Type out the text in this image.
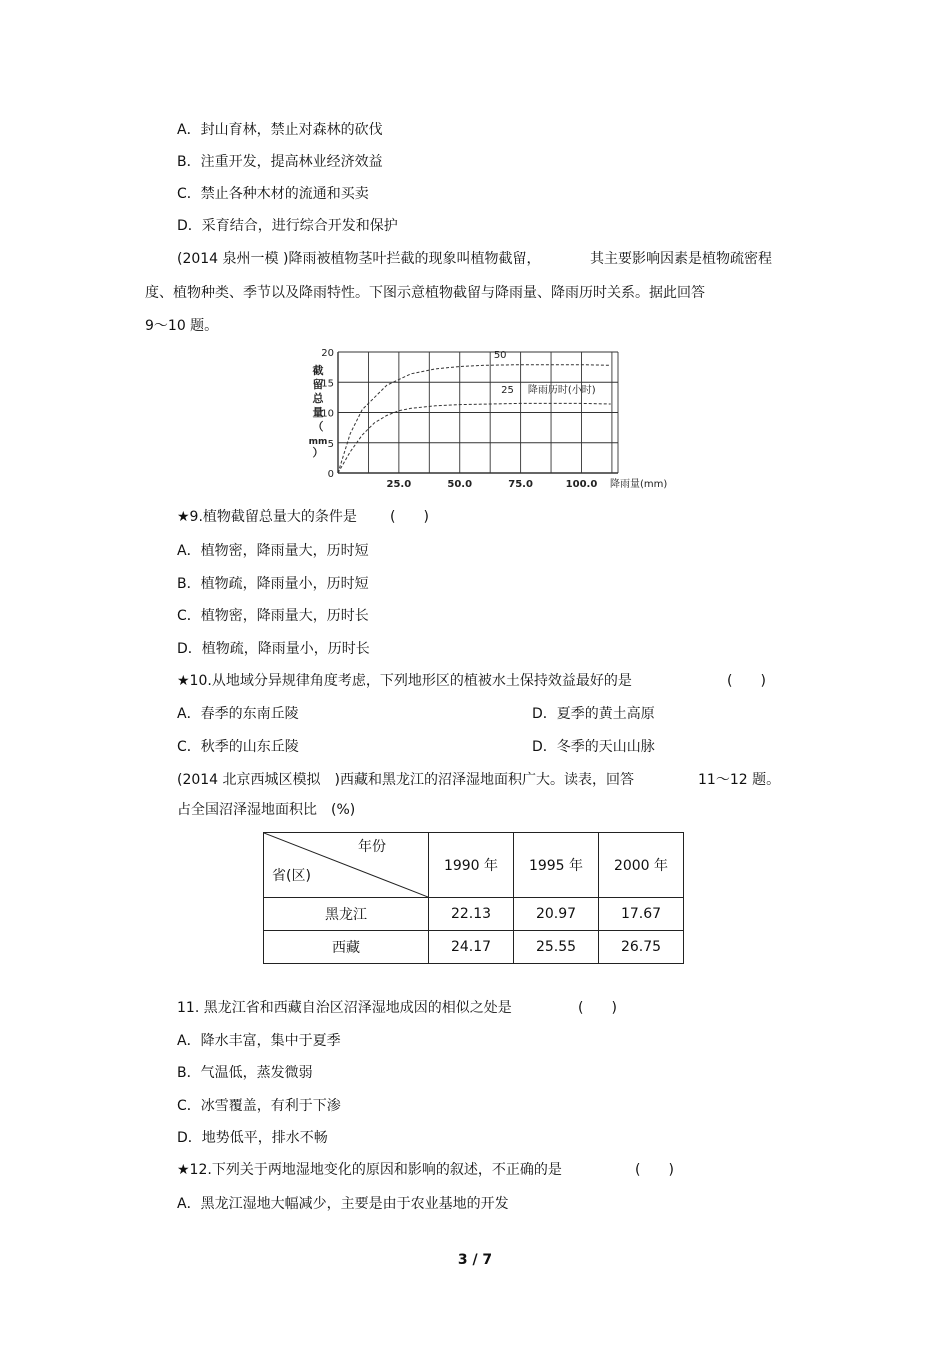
A．封山育林，禁止对森林的砍伐
B．注重开发，提高林业经济效益
C．禁止各种木材的流通和买卖
D．采育结合，进行综合开发和保护
(2014 泉州一模 )降雨被植物茎叶拦截的现象叫植物截留，	其主要影响因素是植物疏密程
度、植物种类、季节以及降雨特性。下图示意植物截留与降雨量、降雨历时关系。据此回答
9～10 题。
0
5
10
15
20
25.0	50.0	75.0	100.0
截
留
总
量
（
mm
）
降雨量(mm)
50
25 降雨历时(小时)
★9.植物截留总量大的条件是 (　　)
A．植物密，降雨量大，历时短
B．植物疏，降雨量小，历时短
C．植物密，降雨量大，历时长
D．植物疏，降雨量小，历时长
★10.从地域分异规律角度考虑，下列地形区的植被水土保持效益最好的是	(　　)
A．春季的东南丘陵	D．夏季的黄土高原
C．秋季的山东丘陵	D．冬季的天山山脉
(2014 北京西城区模拟　)西藏和黑龙江的沼泽湿地面积广大。读表，回答	11～12 题。
占全国沼泽湿地面积比　(%)
年份
省(区)	1990 年	1995 年	2000 年
黑龙江	22.13	20.97	17.67
西藏	24.17	25.55	26.75
11. 黑龙江省和西藏自治区沼泽湿地成因的相似之处是	(　　)
A．降水丰富，集中于夏季
B．气温低，蒸发微弱
C．冰雪覆盖，有利于下渗
D．地势低平，排水不畅
★12.下列关于两地湿地变化的原因和影响的叙述，不正确的是	(　　)
A．黑龙江湿地大幅减少，主要是由于农业基地的开发
3 / 7
